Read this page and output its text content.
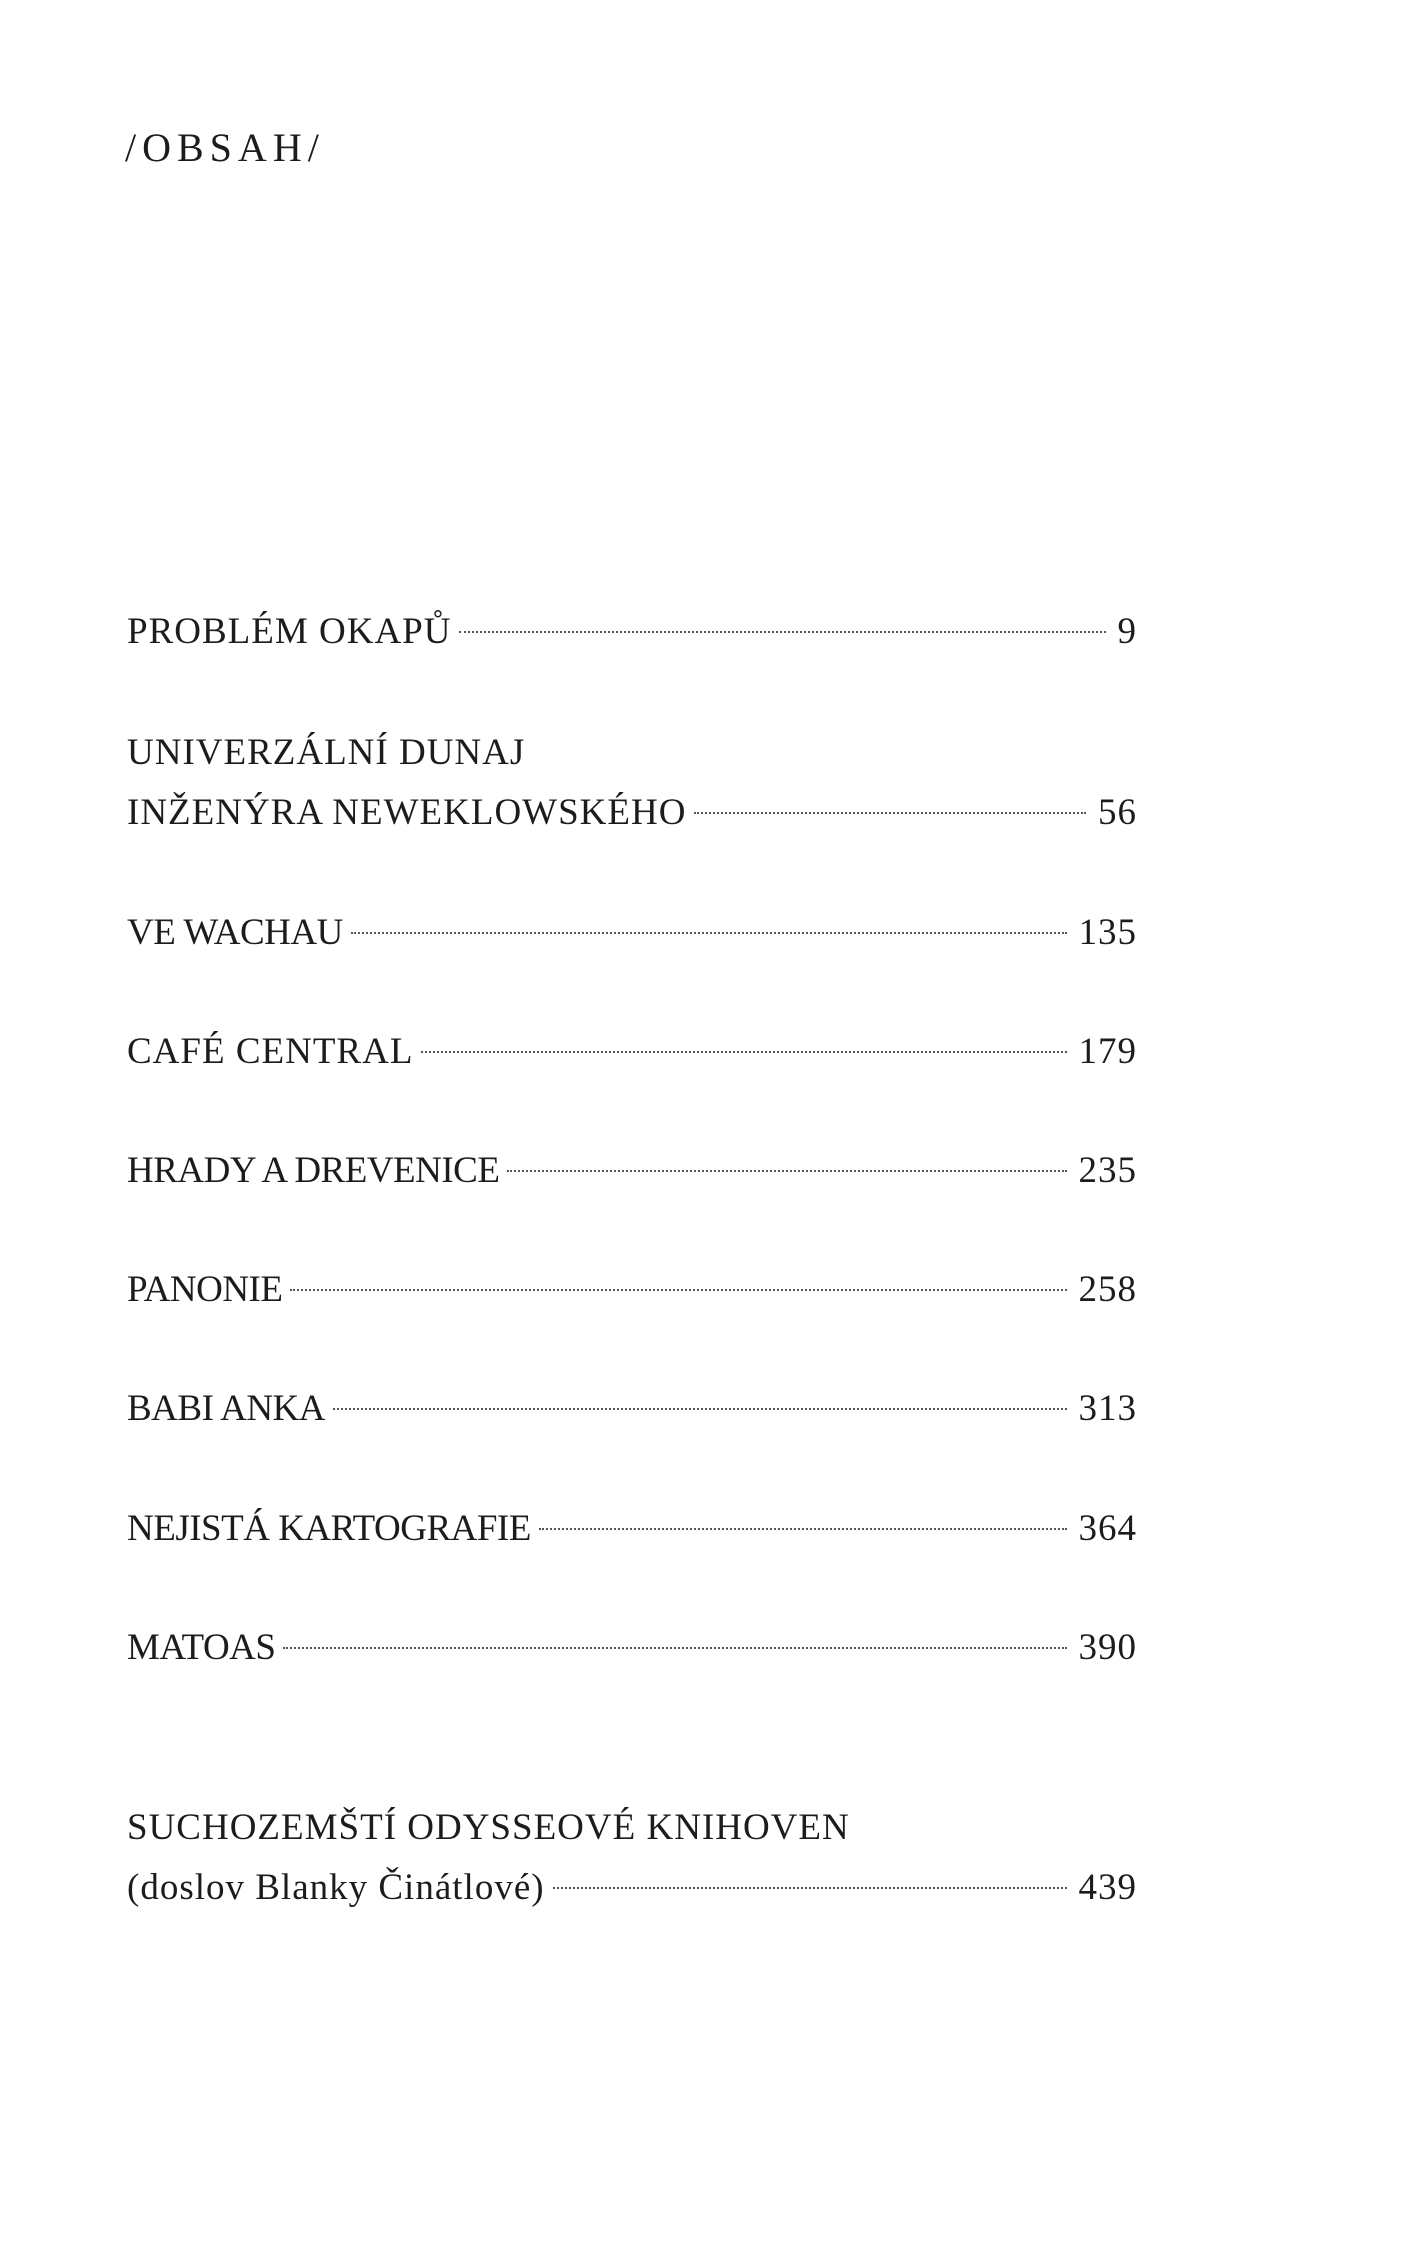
/OBSAH/
PROBLÉM OKAPŮ	9
UNIVERZÁLNÍ DUNAJ
INŽENÝRA NEWEKLOWSKÉHO	56
VE WACHAU	135
CAFÉ CENTRAL	179
HRADY A DREVENICE	235
PANONIE	258
BABI ANKA	313
NEJISTÁ KARTOGRAFIE	364
MATOAS	390
SUCHOZEMŠTÍ ODYSSEOVÉ KNIHOVEN
(doslov Blanky Činátlové)	439
